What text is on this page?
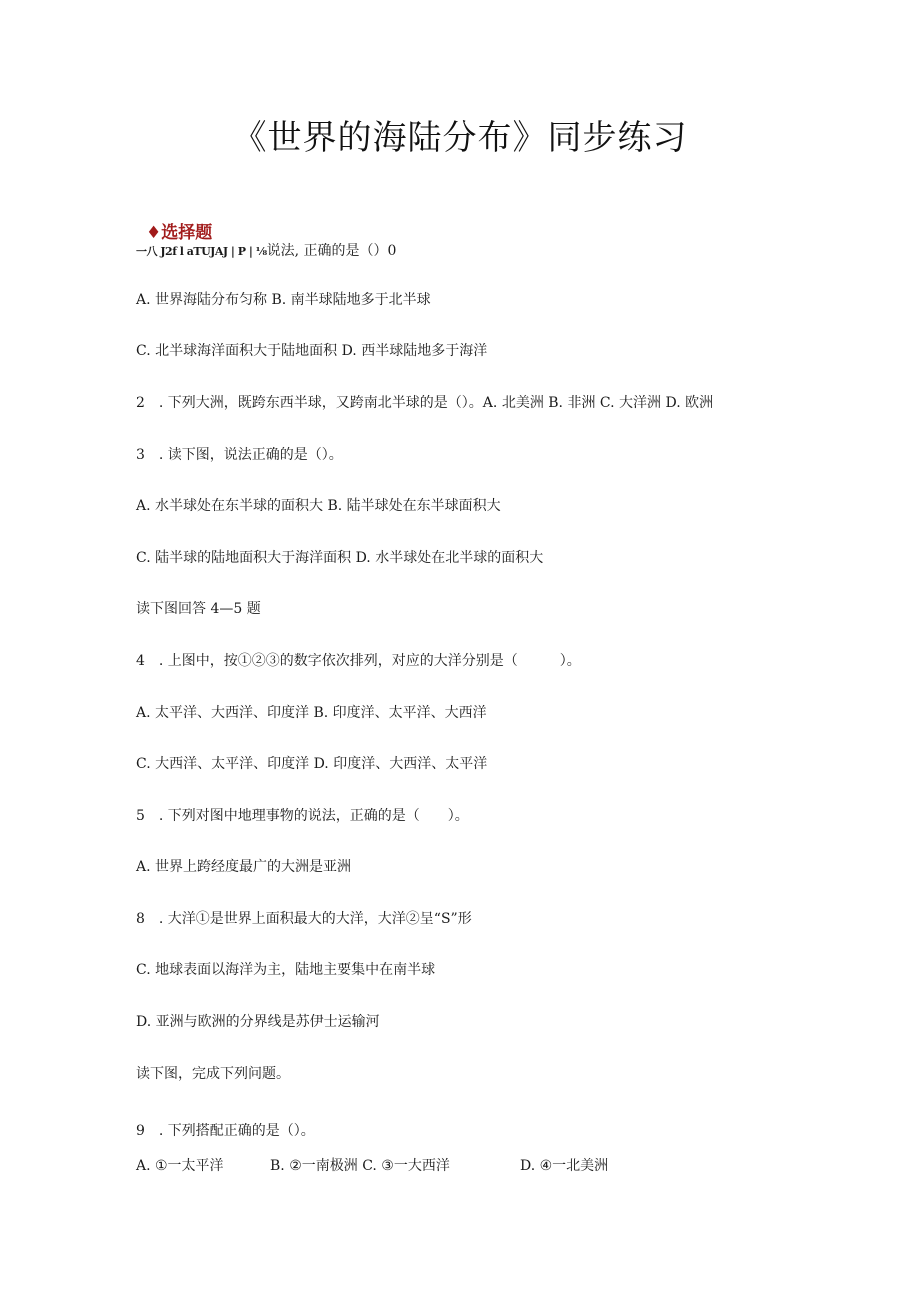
《世界的海陆分布》同步练习
♦选择题
一八 J2f l aTUJAJ | P | ⅛说法, 正确的是（）0
A. 世界海陆分布匀称 B. 南半球陆地多于北半球
C. 北半球海洋面积大于陆地面积 D. 西半球陆地多于海洋
2　. 下列大洲，既跨东西半球，又跨南北半球的是（）。A. 北美洲 B. 非洲 C. 大洋洲 D. 欧洲
3　. 读下图，说法正确的是（）。
A. 水半球处在东半球的面积大 B. 陆半球处在东半球面积大
C. 陆半球的陆地面积大于海洋面积 D. 水半球处在北半球的面积大
读下图回答 4—5 题
4　. 上图中，按①②③的数字依次排列，对应的大洋分别是（　　　）。
A. 太平洋、大西洋、印度洋 B. 印度洋、太平洋、大西洋
C. 大西洋、太平洋、印度洋 D. 印度洋、大西洋、太平洋
5　. 下列对图中地理事物的说法，正确的是（　　）。
A. 世界上跨经度最广的大洲是亚洲
8　. 大洋①是世界上面积最大的大洋，大洋②呈“S”形
C. 地球表面以海洋为主，陆地主要集中在南半球
D. 亚洲与欧洲的分界线是苏伊士运输河
读下图，完成下列问题。
9　. 下列搭配正确的是（）。
A. ①一太平洋	B. ②一南极洲 C. ③一大西洋	D. ④一北美洲
